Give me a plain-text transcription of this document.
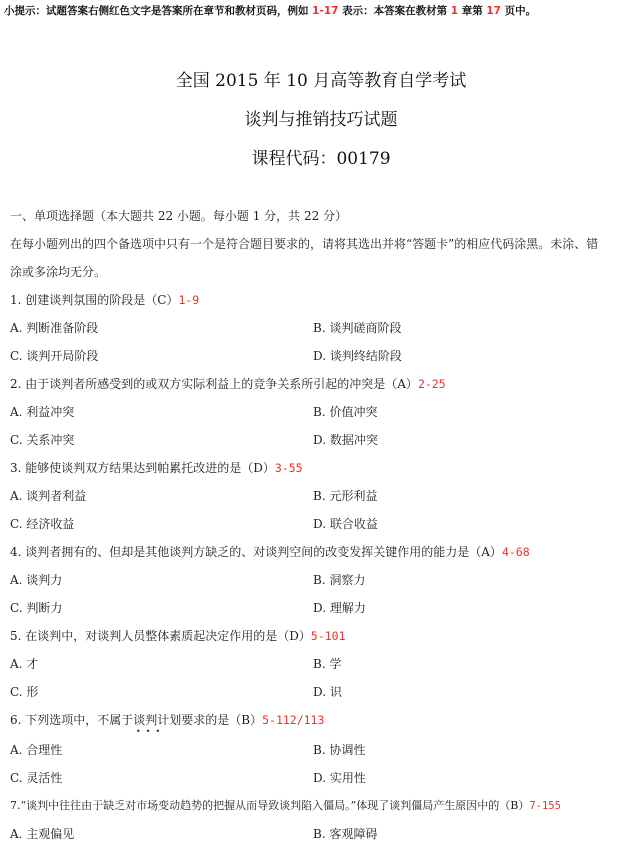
小提示：试题答案右侧红色文字是答案所在章节和教材页码，例如 1-17 表示：本答案在教材第 1 章第 17 页中。
全国 2015 年 10 月高等教育自学考试
谈判与推销技巧试题
课程代码：00179
一、单项选择题（本大题共 22 小题。每小题 1 分，共 22 分）
在每小题列出的四个备选项中只有一个是符合题目要求的，请将其选出并将“答题卡”的相应代码涂黑。未涂、错
涂或多涂均无分。
1. 创建谈判氛围的阶段是（C）1-9
A. 判断准备阶段	B. 谈判磋商阶段
C. 谈判开局阶段	D. 谈判终结阶段
2. 由于谈判者所感受到的或双方实际利益上的竞争关系所引起的冲突是（A）2-25
A. 利益冲突	B. 价值冲突
C. 关系冲突	D. 数据冲突
3. 能够使谈判双方结果达到帕累托改进的是（D）3-55
A. 谈判者利益	B. 元形利益
C. 经济收益	D. 联合收益
4. 谈判者拥有的、但却是其他谈判方缺乏的、对谈判空间的改变发挥关键作用的能力是（A）4-68
A. 谈判力	B. 洞察力
C. 判断力	D. 理解力
5. 在谈判中，对谈判人员整体素质起决定作用的是（D）5-101
A. 才	B. 学
C. 形	D. 识
6. 下列选项中，不属于谈判计划要求的是（B）5-112/113
•••
A. 合理性	B. 协调性
C. 灵活性	D. 实用性
7.“谈判中往往由于缺乏对市场变动趋势的把握从而导致谈判陷入僵局。”体现了谈判僵局产生原因中的（B）7-155
A. 主观偏见	B. 客观障碍
